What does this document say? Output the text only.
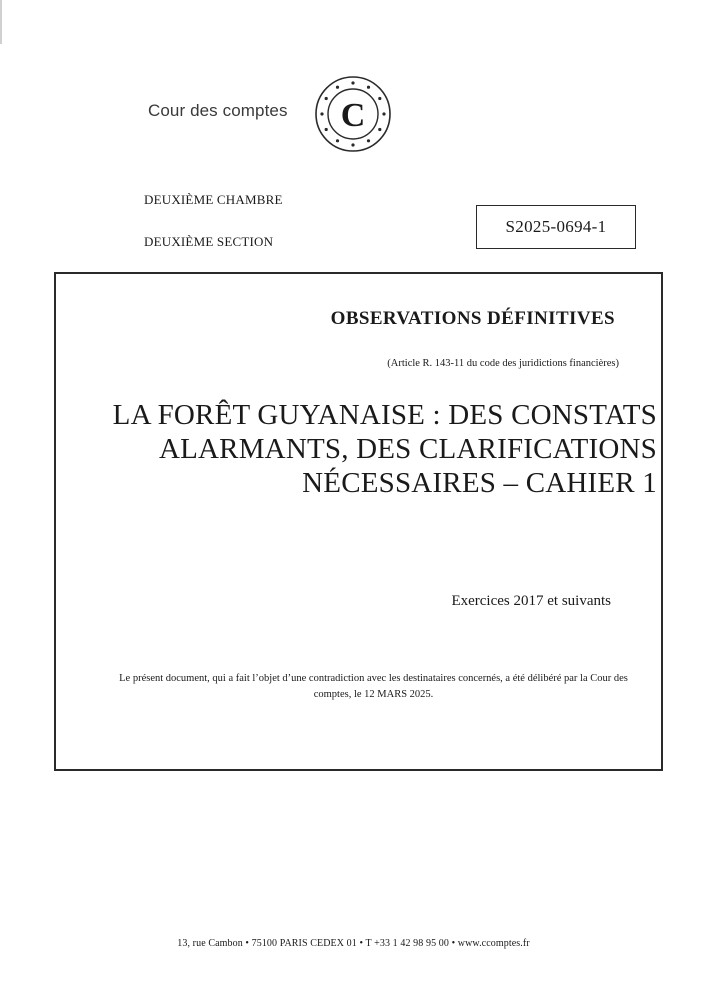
Cour des comptes C
DEUXIÈME CHAMBRE
DEUXIÈME SECTION
S2025-0694-1
OBSERVATIONS DÉFINITIVES
(Article R. 143-11 du code des juridictions financières)
LA FORÊT GUYANAISE : DES CONSTATS
ALARMANTS, DES CLARIFICATIONS
NÉCESSAIRES – CAHIER 1
Exercices 2017 et suivants
Le présent document, qui a fait l’objet d’une contradiction avec les destinataires concernés, a été délibéré par la Cour des
comptes, le 12 MARS 2025.
13, rue Cambon • 75100 PARIS CEDEX 01 • T +33 1 42 98 95 00 • www.ccomptes.fr
